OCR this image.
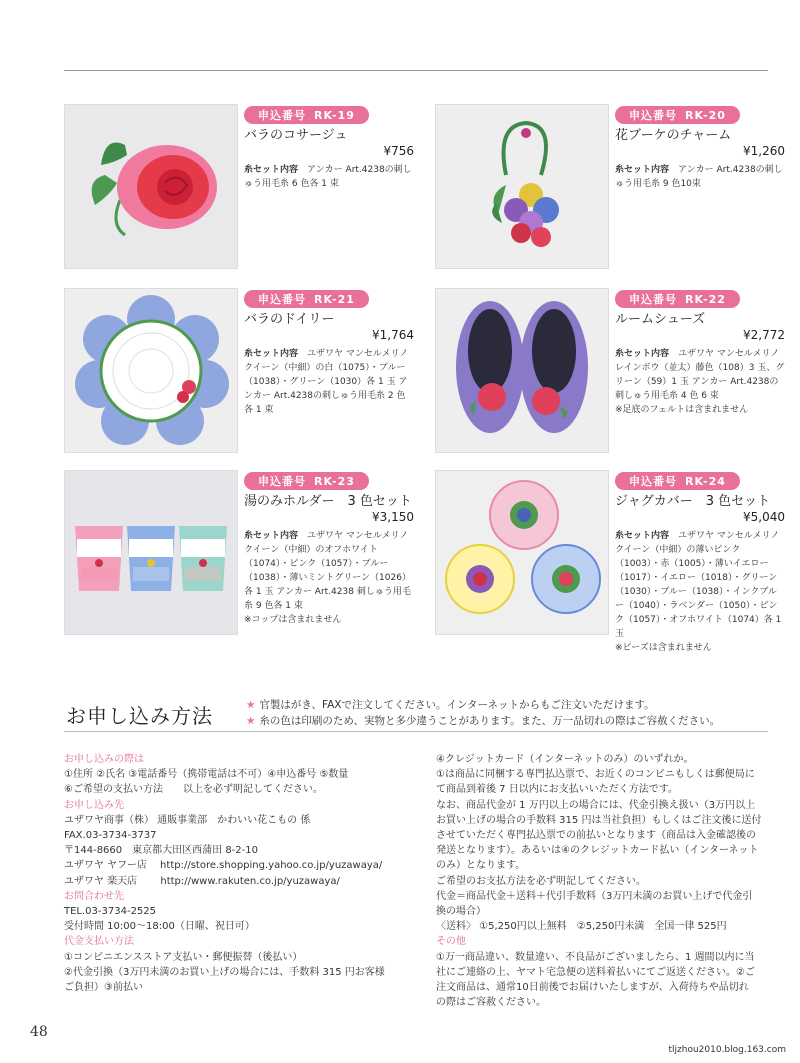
申込番号 RK-19
バラのコサージュ
¥756
糸セット内容　 アンカー Art.4238の刺しゅう用毛糸 6 色各 1 束
申込番号 RK-20
花ブーケのチャーム
¥1,260
糸セット内容　 アンカー Art.4238の刺しゅう用毛糸 9 色10束
申込番号 RK-21
バラのドイリー
¥1,764
糸セット内容　 ユザワヤ マンセルメリノクイーン（中細）の白（1075）・ブルー（1038）・グリーン（1030）各 1 玉 アンカー Art.4238の刺しゅう用毛糸 2 色各 1 束
申込番号 RK-22
ルームシューズ
¥2,772
糸セット内容　 ユザワヤ マンセルメリノレインボウ（並太）藤色（108）3 玉、グリーン（59）1 玉 アンカー Art.4238の刺しゅう用毛糸 4 色 6 束
※足底のフェルトは含まれません
申込番号 RK-23
湯のみホルダー　3 色セット
¥3,150
糸セット内容　 ユザワヤ マンセルメリノクイーン（中細）のオフホワイト（1074）・ピンク（1057）・ブルー（1038）・薄いミントグリーン（1026）各 1 玉 アンカー Art.4238 刺しゅう用毛糸 9 色各 1 束
※コップは含まれません
申込番号 RK-24
ジャグカバー　3 色セット
¥5,040
糸セット内容　 ユザワヤ マンセルメリノクイーン（中細）の薄いピンク（1003）・赤（1005）・薄いイエロー（1017）・イエロー（1018）・グリーン（1030）・ブルー（1038）・インクブルー（1040）・ラベンダー（1050）・ピンク（1057）・オフホワイト（1074）各 1 玉
※ビーズは含まれません
お申し込み方法	★ 官製はがき、FAXで注文してください。インターネットからもご注文いただけます。
★ 糸の色は印刷のため、実物と多少違うことがあります。また、万一品切れの際はご容赦ください。
お申し込みの際は
①住所 ②氏名 ③電話番号（携帯電話は不可）④申込番号 ⑤数量
⑥ご希望の支払い方法　　以上を必ず明記してください。
お申し込み先
ユザワヤ商事（株） 通販事業部　かわいい花こもの 係
FAX.03-3734-3737
〒144-8660　東京都大田区西蒲田 8-2-10
ユザワヤ ヤフー店　 http://store.shopping.yahoo.co.jp/yuzawaya/
ユザワヤ 楽天店　　 http://www.rakuten.co.jp/yuzawaya/
お問合わせ先
TEL.03-3734-2525
受付時間 10:00～18:00（日曜、祝日可）
代金支払い方法
①コンビニエンスストア支払い・郵便振替（後払い）
②代金引換（3万円未満のお買い上げの場合には、手数料 315 円お客様
ご負担）③前払い
④クレジットカード（インターネットのみ）のいずれか。
①は商品に同梱する専門払込票で、お近くのコンビニもしくは郵便局に
て商品到着後 7 日以内にお支払いいただく方法です。
なお、商品代金が 1 万円以上の場合には、代金引換え扱い（3万円以上
お買い上げの場合の手数料 315 円は当社負担）もしくはご注文後に送付
させていただく専門払込票での前払いとなります（商品は入金確認後の
発送となります）。あるいは④のクレジットカード払い（インターネット
のみ）となります。
ご希望のお支払方法を必ず明記してください。
代金＝商品代金＋送料＋代引手数料（3万円未満のお買い上げで代金引
換の場合）
〈送料〉 ①5,250円以上無料　②5,250円未満　全国一律 525円
その他
①万一商品違い、数量違い、不良品がございましたら、1 週間以内に当
社にご連絡の上、ヤマト宅急便の送料着払いにてご返送ください。②ご
注文商品は、通常10日前後でお届けいたしますが、入荷待ちや品切れ
の際はご容赦ください。
48
tljzhou2010.blog.163.com
